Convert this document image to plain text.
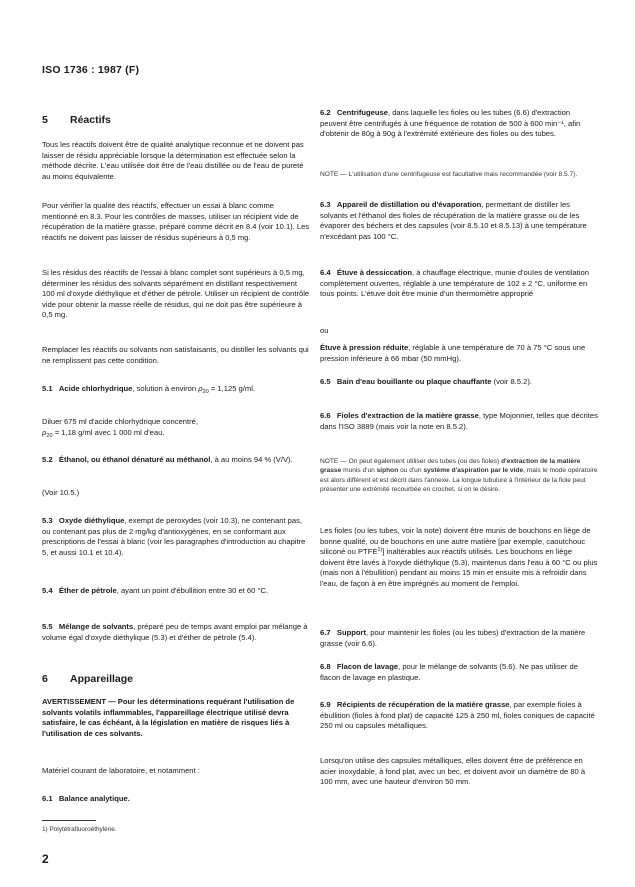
ISO 1736 : 1987 (F)
5 Réactifs

Tous les réactifs doivent être de qualité analytique reconnue et ne doivent pas laisser de résidu appréciable lorsque la détermination est effectuée selon la méthode décrite. L'eau utilisée doit être de l'eau distillée ou de l'eau de pureté au moins équivalente.

Pour vérifier la qualité des réactifs, effectuer un essai à blanc comme mentionné en 8.3. Pour les contrôles de masses, utiliser un récipient vide de récupération de la matière grasse, préparé comme décrit en 8.4 (voir 10.1). Les réactifs ne doivent pas laisser de résidus supérieurs à 0,5 mg.

Si les résidus des réactifs de l'essai à blanc complet sont supérieurs à 0,5 mg, déterminer les résidus des solvants séparément en distillant respectivement 100 ml d'oxyde diéthylique et d'éther de pétrole. Utiliser un récipient de contrôle vide pour obtenir la masse réelle de résidus, qui ne doit pas être supérieure à 0,5 mg.

Remplacer les réactifs ou solvants non satisfaisants, ou distiller les solvants qui ne remplissent pas cette condition.

5.1 Acide chlorhydrique, solution à environ $\rho_{20} = 1,125$ g/ml.

Diluer 675 ml d'acide chlorhydrique concentré,
$\rho_{20} = 1,18$ g/ml avec 1 000 ml d'eau.

5.2 Éthanol, ou éthanol dénaturé au méthanol, à au moins 94 % (V/V).

(Voir 10.5.)

5.3 Oxyde diéthylique, exempt de peroxydes (voir 10.3), ne contenant pas, ou contenant pas plus de 2 mg/kg d'antioxygènes, en se conformant aux prescriptions de l'essai à blanc (voir les paragraphes d'introduction au chapitre 5, et aussi 10.1 et 10.4).

5.4 Éther de pétrole, ayant un point d'ébullition entre 30 et 60 °C.

5.5 Mélange de solvants, préparé peu de temps avant emploi par mélange à volume égal d'oxyde diéthylique (5.3) et d'éther de pétrole (5.4).

6 Appareillage

AVERTISSEMENT — Pour les déterminations requérant l'utilisation de solvants volatils inflammables, l'appareillage électrique utilisé devra satisfaire, le cas échéant, à la législation en matière de risques liés à l'utilisation de ces solvants.

Matériel courant de laboratoire, et notamment :

6.1 Balance analytique.

6.2 Centrifugeuse, dans laquelle les fioles ou les tubes (6.6) d'extraction peuvent être centrifugés à une fréquence de rotation de 500 à 600 min⁻¹, afin d'obtenir de 80g à 90g à l'extrémité extérieure des fioles ou des tubes.

NOTE — L'utilisation d'une centrifugeuse est facultative mais recommandée (voir 8.5.7).

6.3 Appareil de distillation ou d'évaporation, permettant de distiller les solvants et l'éthanol des fioles de récupération de la matière grasse ou de les évaporer des béchers et des capsules (voir 8.5.10 et 8.5.13) à une température n'excédant pas 100 °C.

6.4 Étuve à dessiccation, à chauffage électrique, munie d'ouïes de ventilation complètement ouvertes, réglable à une température de 102 ± 2 °C, uniforme en tous points. L'étuve doit être munie d'un thermomètre approprié

ou

Étuve à pression réduite, réglable à une température de 70 à 75 °C sous une pression inférieure à 66 mbar (50 mmHg).

6.5 Bain d'eau bouillante ou plaque chauffante (voir 8.5.2).

6.6 Fioles d'extraction de la matière grasse, type Mojonnier, telles que décrites dans l'ISO 3889 (mais voir la note en 8.5.2).

NOTE — On peut également utiliser des tubes (ou des fioles) d'extraction de la matière grasse munis d'un siphon ou d'un système d'aspiration par le vide, mais le mode opératoire est alors différent et est décrit dans l'annexe. La longue tubulure à l'intérieur de la fiole peut présenter une extrémité recourbée en crochet, si on le désire.

Les fioles (ou les tubes, voir la note) doivent être munis de bouchons en liège de bonne qualité, ou de bouchons en une autre matière [par exemple, caoutchouc siliconé ou PTFE$^{1)}$] inaltérables aux réactifs utilisés. Les bouchons en liège doivent être lavés à l'oxyde diéthylique (5.3), maintenus dans l'eau à 60 °C ou plus (mais non à l'ébullition) pendant au moins 15 min et ensuite mis à refroidir dans l'eau, de façon à en être imprégnés au moment de l'emploi.

6.7 Support, pour maintenir les fioles (ou les tubes) d'extraction de la matière grasse (voir 6.6).

6.8 Flacon de lavage, pour le mélange de solvants (5.6). Ne pas utiliser de flacon de lavage en plastique.

6.9 Récipients de récupération de la matière grasse, par exemple fioles à ébullition (fioles à fond plat) de capacité 125 à 250 ml, fioles coniques de capacité 250 ml ou capsules métalliques.

Lorsqu'on utilise des capsules métalliques, elles doivent être de préférence en acier inoxydable, à fond plat, avec un bec, et doivent avoir un diamètre de 80 à 100 mm, avec une hauteur d'environ 50 mm.

1) Polytétrafluoroéthylène.
2
